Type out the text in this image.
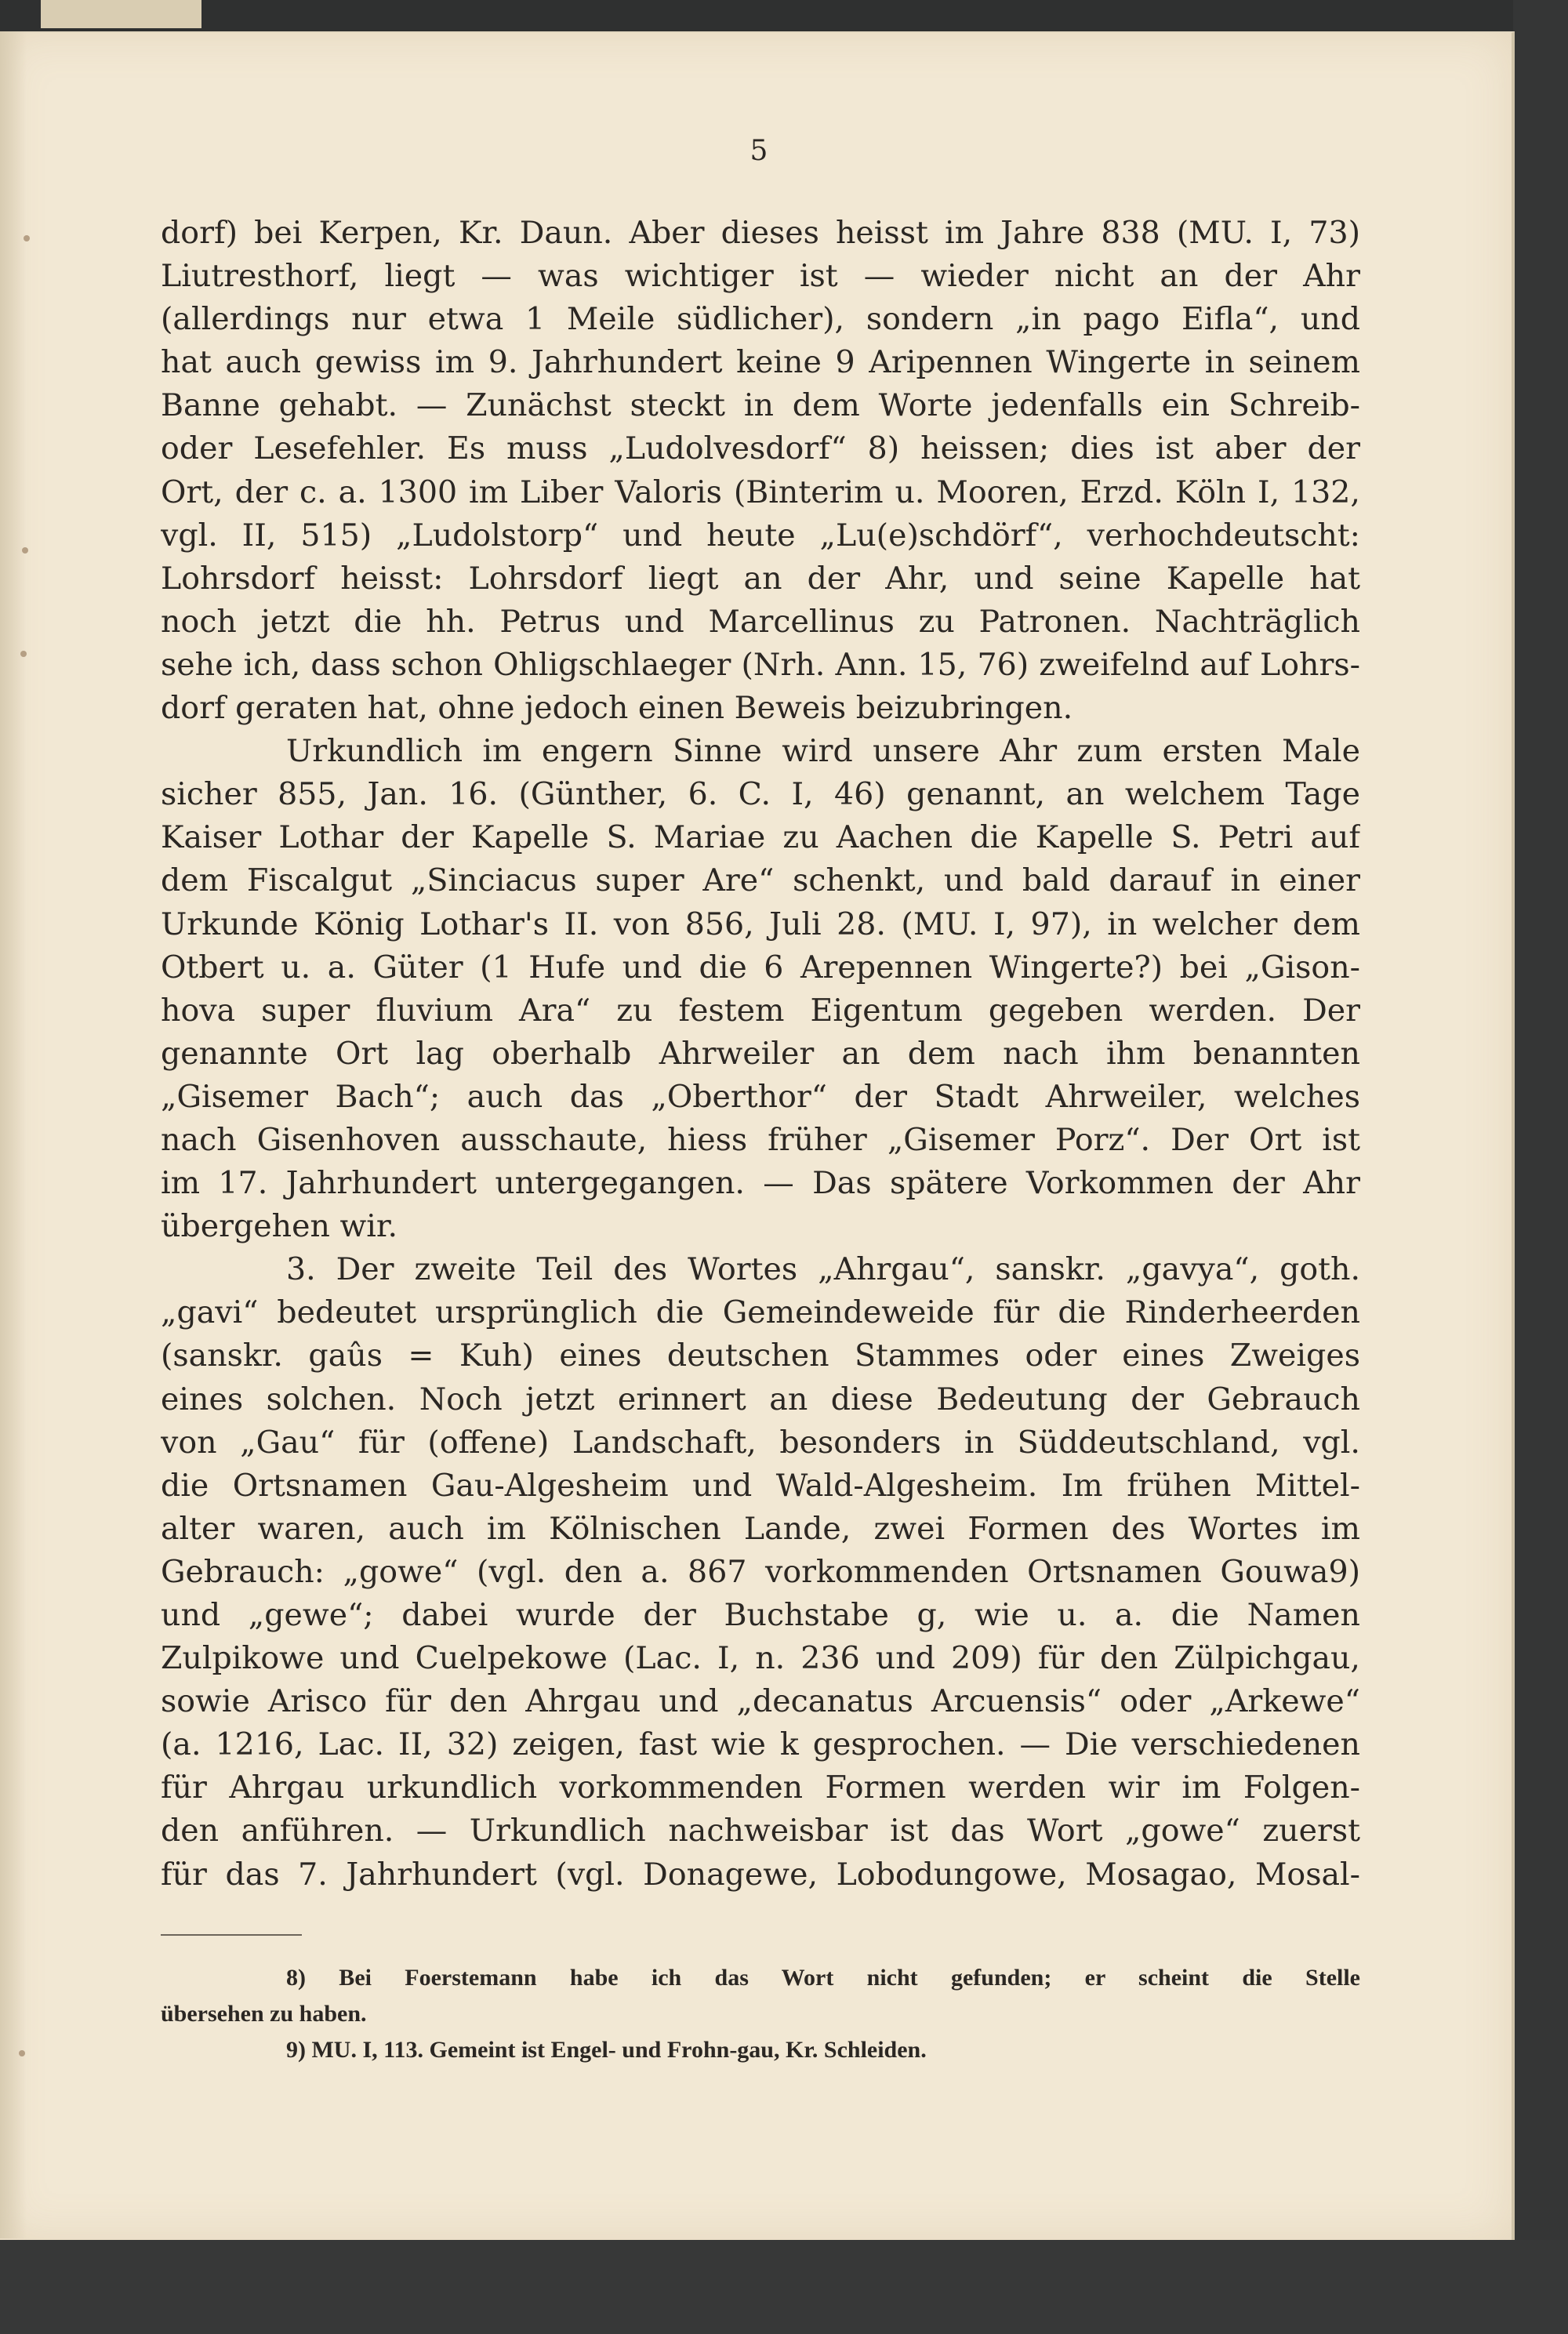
5
dorf) bei Kerpen, Kr. Daun. Aber dieses heisst im Jahre 838 (MU. I, 73)
Liutresthorf, liegt — was wichtiger ist — wieder nicht an der Ahr
(allerdings nur etwa 1 Meile südlicher), sondern „in pago Eifla“, und
hat auch gewiss im 9. Jahrhundert keine 9 Aripennen Wingerte in seinem
Banne gehabt. — Zunächst steckt in dem Worte jedenfalls ein Schreib-
oder Lesefehler. Es muss „Ludolvesdorf“ 8) heissen; dies ist aber der
Ort, der c. a. 1300 im Liber Valoris (Binterim u. Mooren, Erzd. Köln I, 132,
vgl. II, 515) „Ludolstorp“ und heute „Lu(e)schdörf“, verhochdeutscht:
Lohrsdorf heisst: Lohrsdorf liegt an der Ahr, und seine Kapelle hat
noch jetzt die hh. Petrus und Marcellinus zu Patronen. Nachträglich
sehe ich, dass schon Ohligschlaeger (Nrh. Ann. 15, 76) zweifelnd auf Lohrs-
dorf geraten hat, ohne jedoch einen Beweis beizubringen.
Urkundlich im engern Sinne wird unsere Ahr zum ersten Male
sicher 855, Jan. 16. (Günther, 6. C. I, 46) genannt, an welchem Tage
Kaiser Lothar der Kapelle S. Mariae zu Aachen die Kapelle S. Petri auf
dem Fiscalgut „Sinciacus super Are“ schenkt, und bald darauf in einer
Urkunde König Lothar's II. von 856, Juli 28. (MU. I, 97), in welcher dem
Otbert u. a. Güter (1 Hufe und die 6 Arepennen Wingerte?) bei „Gison-
hova super fluvium Ara“ zu festem Eigentum gegeben werden. Der
genannte Ort lag oberhalb Ahrweiler an dem nach ihm benannten
„Gisemer Bach“; auch das „Oberthor“ der Stadt Ahrweiler, welches
nach Gisenhoven ausschaute, hiess früher „Gisemer Porz“. Der Ort ist
im 17. Jahrhundert untergegangen. — Das spätere Vorkommen der Ahr
übergehen wir.
3. Der zweite Teil des Wortes „Ahrgau“, sanskr. „gavya“, goth.
„gavi“ bedeutet ursprünglich die Gemeindeweide für die Rinderheerden
(sanskr. gaûs = Kuh) eines deutschen Stammes oder eines Zweiges
eines solchen. Noch jetzt erinnert an diese Bedeutung der Gebrauch
von „Gau“ für (offene) Landschaft, besonders in Süddeutschland, vgl.
die Ortsnamen Gau-Algesheim und Wald-Algesheim. Im frühen Mittel-
alter waren, auch im Kölnischen Lande, zwei Formen des Wortes im
Gebrauch: „gowe“ (vgl. den a. 867 vorkommenden Ortsnamen Gouwa9)
und „gewe“; dabei wurde der Buchstabe g, wie u. a. die Namen
Zulpikowe und Cuelpekowe (Lac. I, n. 236 und 209) für den Zülpichgau,
sowie Arisco für den Ahrgau und „decanatus Arcuensis“ oder „Arkewe“
(a. 1216, Lac. II, 32) zeigen, fast wie k gesprochen. — Die verschiedenen
für Ahrgau urkundlich vorkommenden Formen werden wir im Folgen-
den anführen. — Urkundlich nachweisbar ist das Wort „gowe“ zuerst
für das 7. Jahrhundert (vgl. Donagewe, Lobodungowe, Mosagao, Mosal-
8) Bei Foerstemann habe ich das Wort nicht gefunden; er scheint die Stelle
übersehen zu haben.
9) MU. I, 113. Gemeint ist Engel- und Frohn-gau, Kr. Schleiden.
